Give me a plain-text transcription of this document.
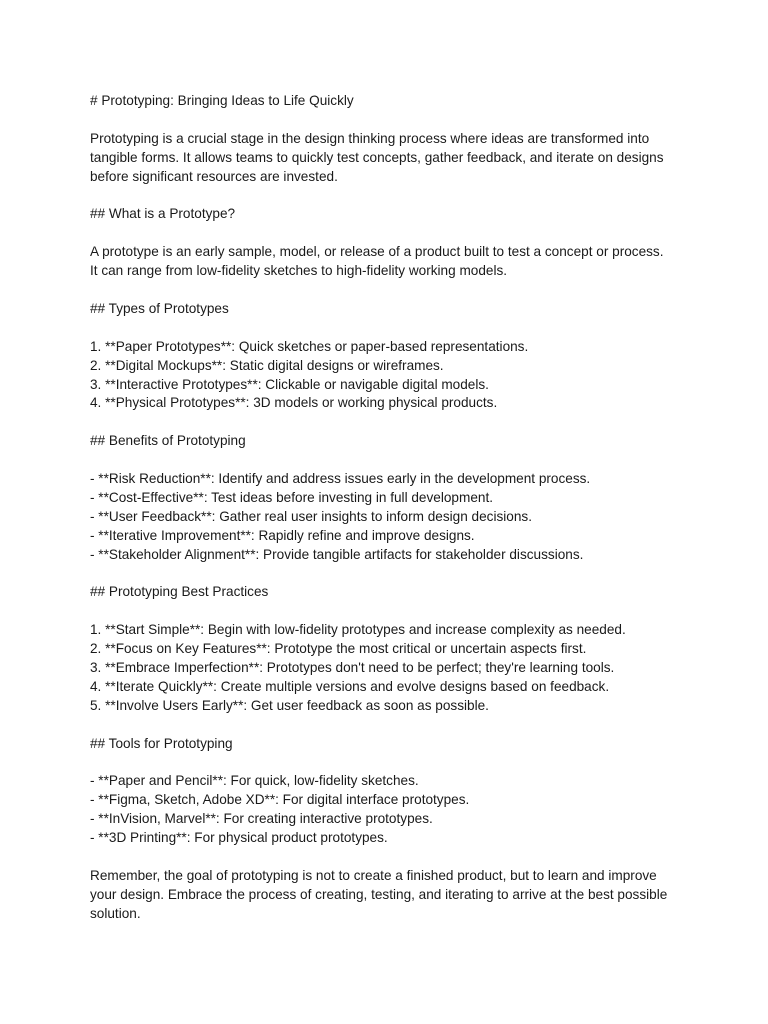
# Prototyping: Bringing Ideas to Life Quickly
Prototyping is a crucial stage in the design thinking process where ideas are transformed into
tangible forms. It allows teams to quickly test concepts, gather feedback, and iterate on designs
before significant resources are invested.
## What is a Prototype?
A prototype is an early sample, model, or release of a product built to test a concept or process.
It can range from low-fidelity sketches to high-fidelity working models.
## Types of Prototypes
1. **Paper Prototypes**: Quick sketches or paper-based representations.
2. **Digital Mockups**: Static digital designs or wireframes.
3. **Interactive Prototypes**: Clickable or navigable digital models.
4. **Physical Prototypes**: 3D models or working physical products.
## Benefits of Prototyping
- **Risk Reduction**: Identify and address issues early in the development process.
- **Cost-Effective**: Test ideas before investing in full development.
- **User Feedback**: Gather real user insights to inform design decisions.
- **Iterative Improvement**: Rapidly refine and improve designs.
- **Stakeholder Alignment**: Provide tangible artifacts for stakeholder discussions.
## Prototyping Best Practices
1. **Start Simple**: Begin with low-fidelity prototypes and increase complexity as needed.
2. **Focus on Key Features**: Prototype the most critical or uncertain aspects first.
3. **Embrace Imperfection**: Prototypes don't need to be perfect; they're learning tools.
4. **Iterate Quickly**: Create multiple versions and evolve designs based on feedback.
5. **Involve Users Early**: Get user feedback as soon as possible.
## Tools for Prototyping
- **Paper and Pencil**: For quick, low-fidelity sketches.
- **Figma, Sketch, Adobe XD**: For digital interface prototypes.
- **InVision, Marvel**: For creating interactive prototypes.
- **3D Printing**: For physical product prototypes.
Remember, the goal of prototyping is not to create a finished product, but to learn and improve
your design. Embrace the process of creating, testing, and iterating to arrive at the best possible
solution.
